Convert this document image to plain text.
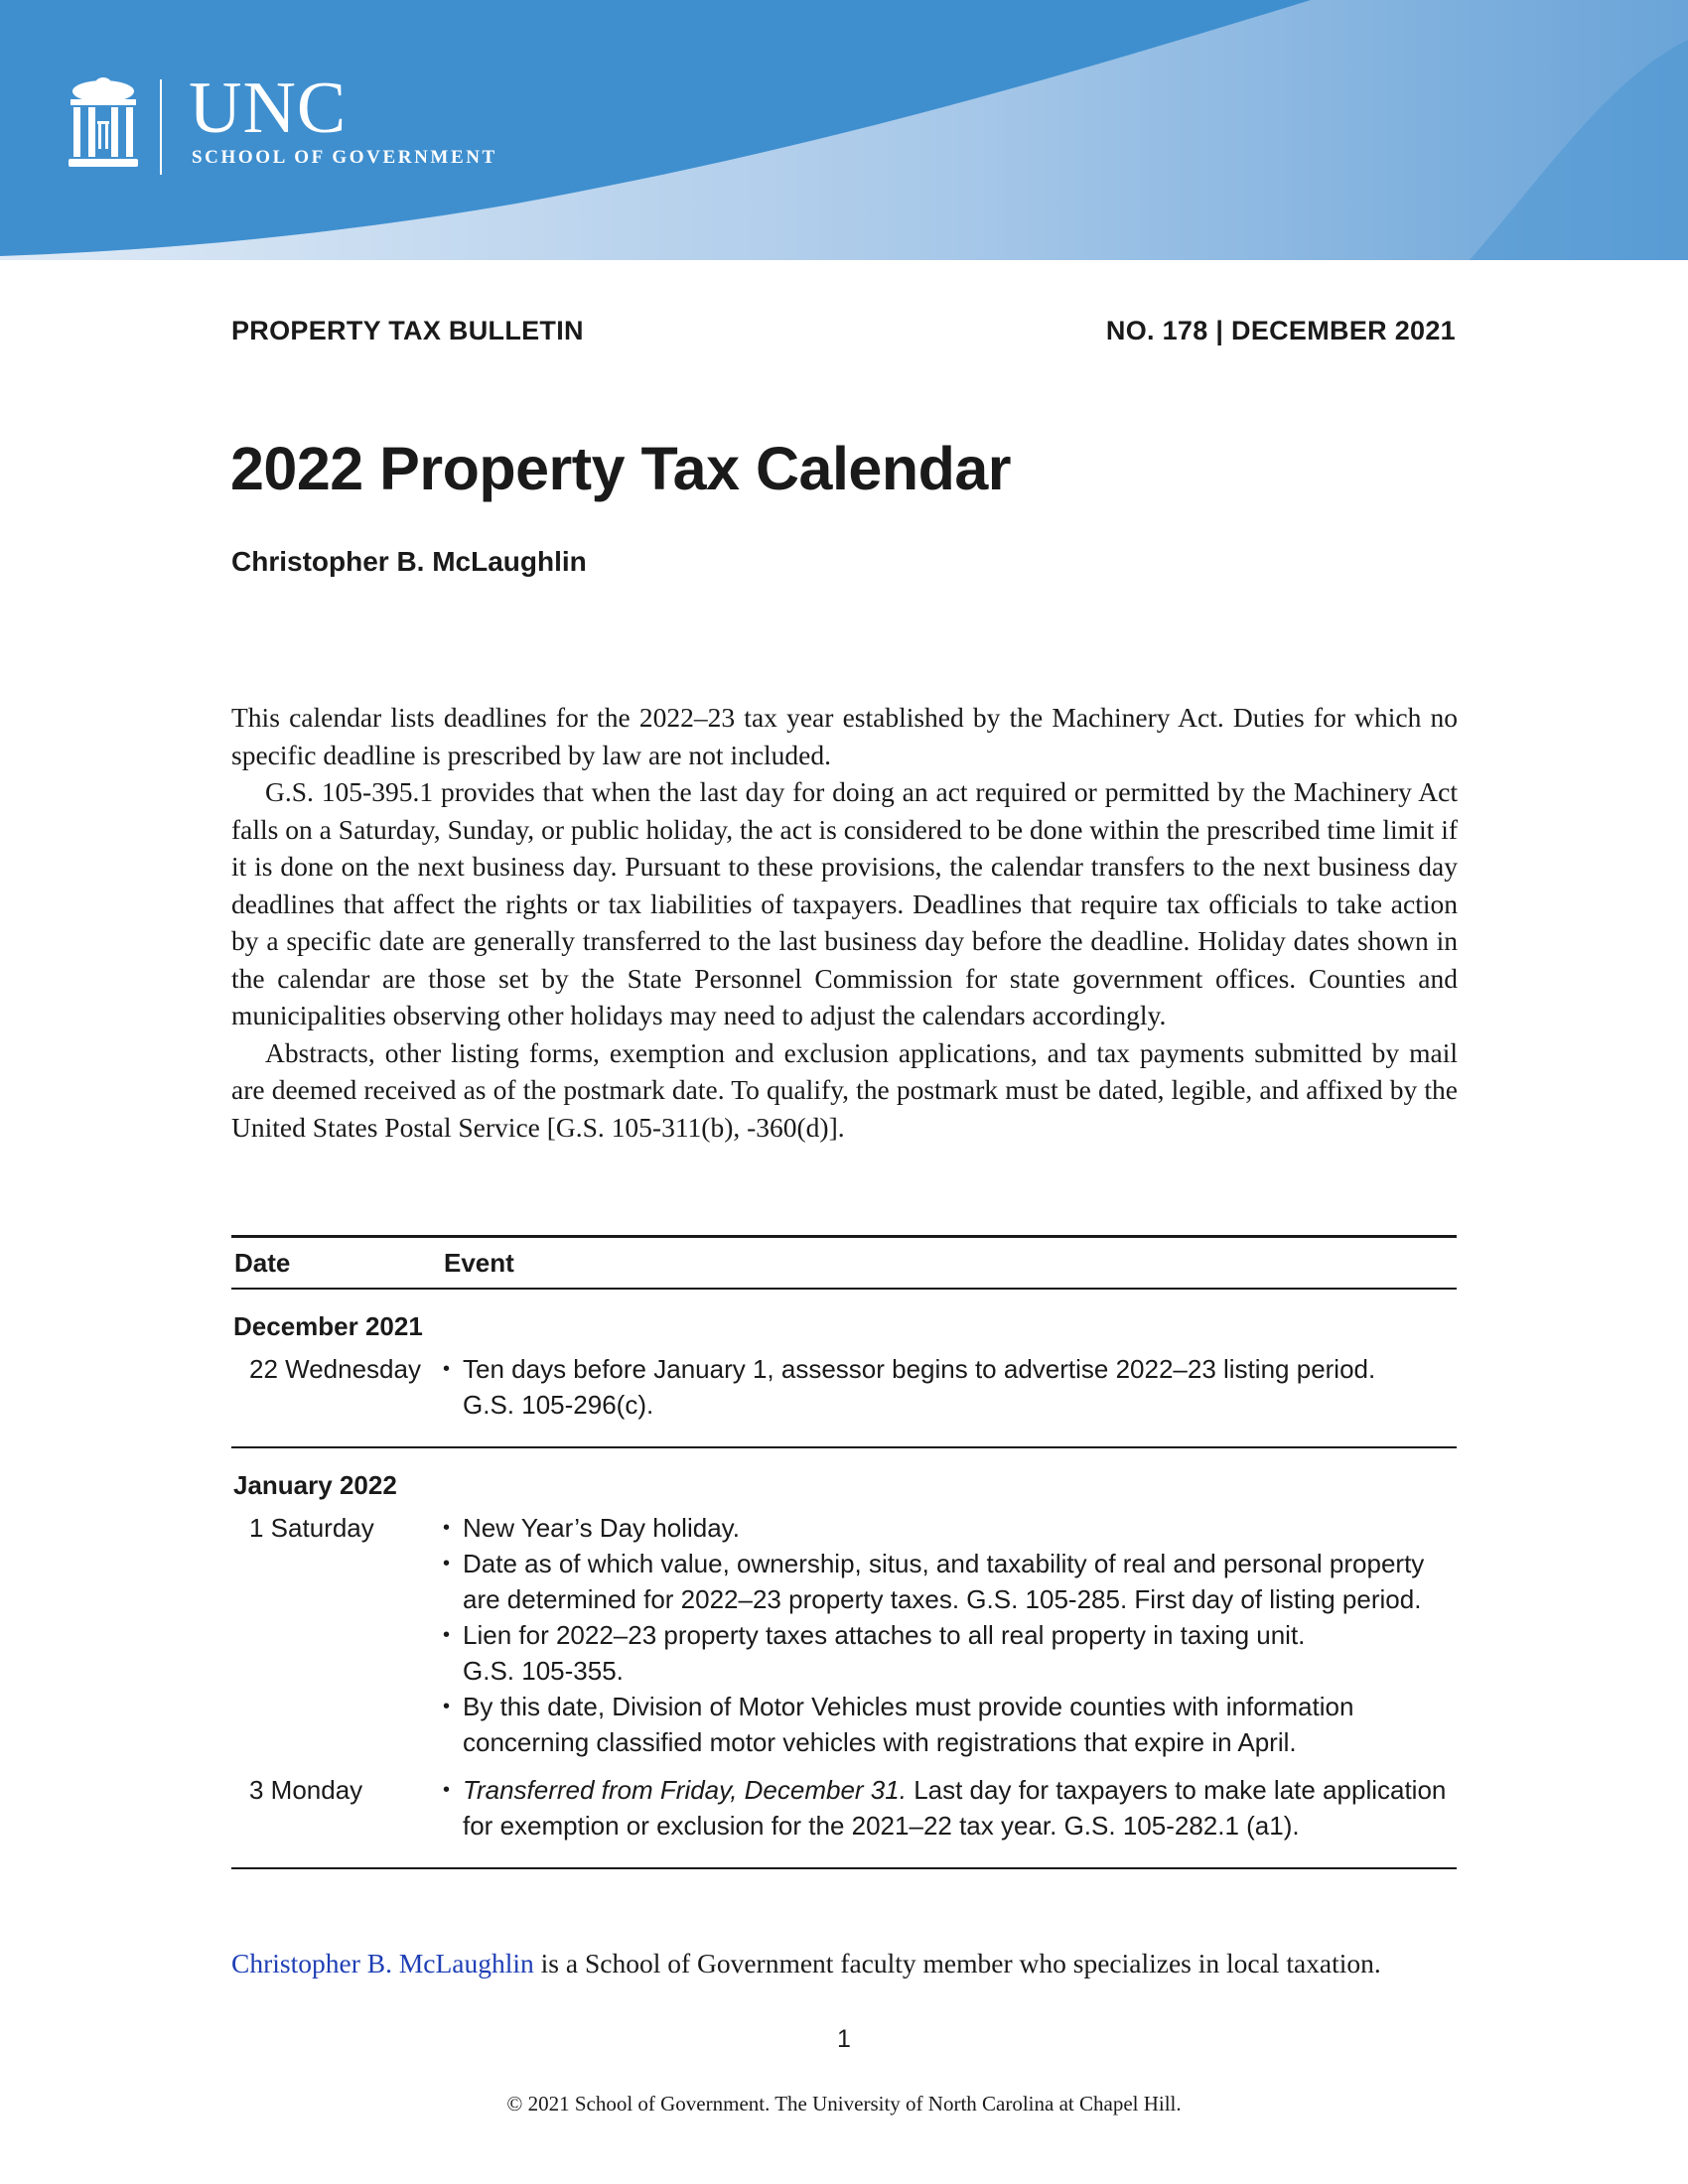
UNC
SCHOOL OF GOVERNMENT
PROPERTY TAX BULLETIN	NO. 178 | DECEMBER 2021
2022 Property Tax Calendar
Christopher B. McLaughlin

This calendar lists deadlines for the 2022–23 tax year established by the Machinery Act. Duties for which no specific deadline is prescribed by law are not included.

G.S. 105-395.1 provides that when the last day for doing an act required or permitted by the Machinery Act falls on a Saturday, Sunday, or public holiday, the act is considered to be done within the prescribed time limit if it is done on the next business day. Pursuant to these provisions, the calendar transfers to the next business day deadlines that affect the rights or tax liabilities of taxpayers. Deadlines that require tax officials to take action by a specific date are generally transferred to the last business day before the deadline. Holiday dates shown in the calendar are those set by the State Personnel Commission for state government offices. Counties and municipalities observing other holidays may need to adjust the calendars accordingly.

Abstracts, other listing forms, exemption and exclusion applications, and tax payments submitted by mail are deemed received as of the postmark date. To qualify, the postmark must be dated, legible, and affixed by the United States Postal Service [G.S. 105-311(b), -360(d)].

Date	Event
December 2021
22 Wednesday	• Ten days before January 1, assessor begins to advertise 2022–23 listing period.
G.S. 105-296(c).
January 2022
1 Saturday	• New Year’s Day holiday.
• Date as of which value, ownership, situs, and taxability of real and personal property are determined for 2022–23 property taxes. G.S. 105-285. First day of listing period.
• Lien for 2022–23 property taxes attaches to all real property in taxing unit.
G.S. 105-355.
• By this date, Division of Motor Vehicles must provide counties with information concerning classified motor vehicles with registrations that expire in April.
3 Monday	• Transferred from Friday, December 31. Last day for taxpayers to make late application for exemption or exclusion for the 2021–22 tax year. G.S. 105-282.1 (a1).
Christopher B. McLaughlin is a School of Government faculty member who specializes in local taxation.
1
© 2021 School of Government. The University of North Carolina at Chapel Hill.
